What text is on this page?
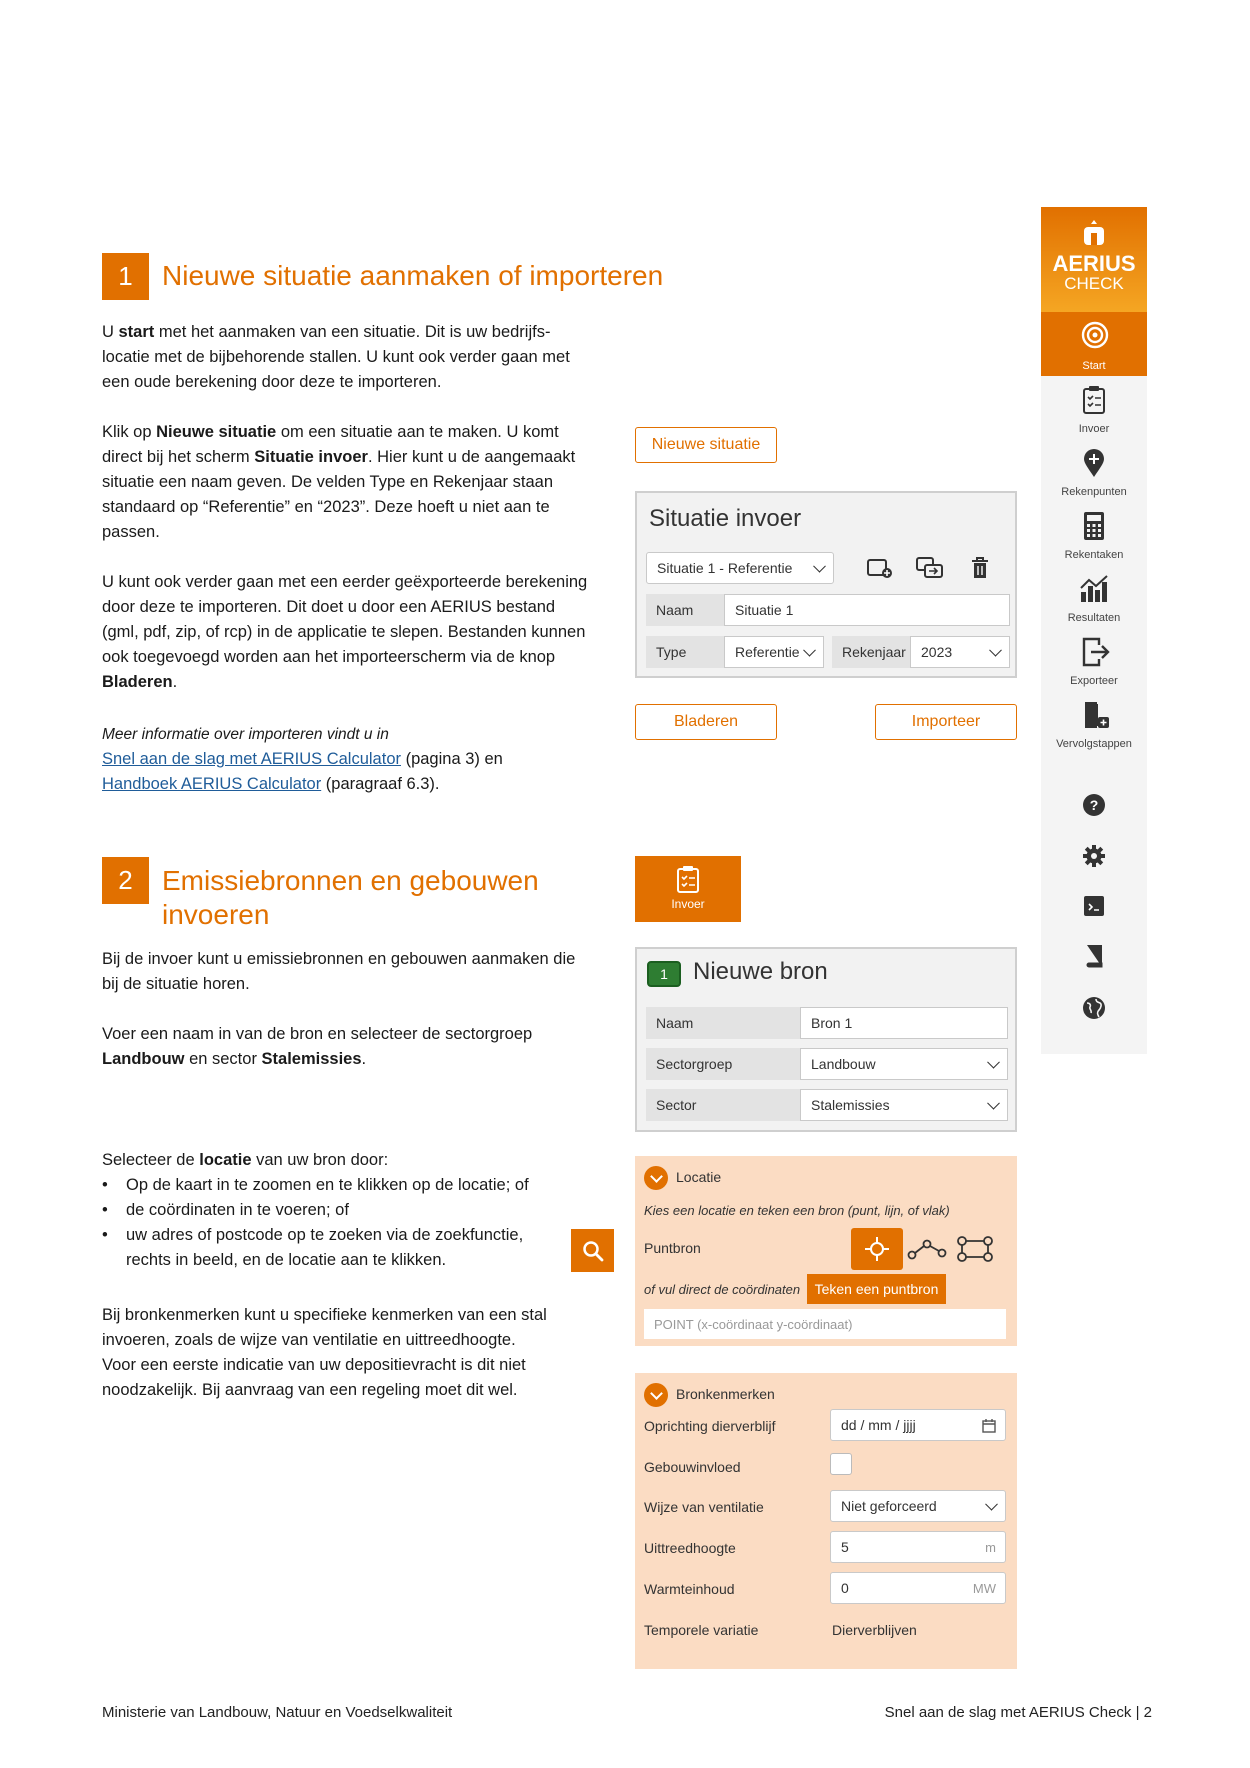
1	Nieuwe situatie aanmaken of importeren
U start met het aanmaken van een situatie. Dit is uw bedrijfs-
locatie met de bijbehorende stallen. U kunt ook verder gaan met
een oude berekening door deze te importeren.
Klik op Nieuwe situatie om een situatie aan te maken. U komt
direct bij het scherm Situatie invoer. Hier kunt u de aangemaakt
situatie een naam geven. De velden Type en Rekenjaar staan
standaard op “Referentie” en “2023”. Deze hoeft u niet aan te
passen.
U kunt ook verder gaan met een eerder geëxporteerde berekening
door deze te importeren. Dit doet u door een AERIUS bestand
(gml, pdf, zip, of rcp) in de applicatie te slepen. Bestanden kunnen
ook toegevoegd worden aan het importeerscherm via de knop
Bladeren.
Meer informatie over importeren vindt u in
Snel aan de slag met AERIUS Calculator (pagina 3) en
Handboek AERIUS Calculator (paragraaf 6.3).
Nieuwe situatie
Situatie invoer
Situatie 1 - Referentie
Naam	Situatie 1
Type	Referentie	Rekenjaar	2023
Bladeren	Importeer
2	Emissiebronnen en gebouwen
invoeren
Bij de invoer kunt u emissiebronnen en gebouwen aanmaken die
bij de situatie horen.
Voer een naam in van de bron en selecteer de sectorgroep
Landbouw en sector Stalemissies.
Selecteer de locatie van uw bron door:
• Op de kaart in te zoomen en te klikken op de locatie; of
• de coördinaten in te voeren; of
• uw adres of postcode op te zoeken via de zoekfunctie,
rechts in beeld, en de locatie aan te klikken.
Bij bronkenmerken kunt u specifieke kenmerken van een stal
invoeren, zoals de wijze van ventilatie en uittreedhoogte.
Voor een eerste indicatie van uw depositievracht is dit niet
noodzakelijk. Bij aanvraag van een regeling moet dit wel.
Invoer
1	Nieuwe bron
Naam	Bron 1
Sectorgroep	Landbouw
Sector	Stalemissies
Locatie
Kies een locatie en teken een bron (punt, lijn, of vlak)
Puntbron
of vul direct de coördinaten	Teken een puntbron
POINT (x-coördinaat y-coördinaat)
Bronkenmerken
Oprichting dierverblijf	dd / mm / jjjj
Gebouwinvloed
Wijze van ventilatie	Niet geforceerd
Uittreedhoogte	5	m
Warmteinhoud	0	MW
Temporele variatie	Dierverblijven
AERIUS
CHECK
Start
Invoer
Rekenpunten
Rekentaken
Resultaten
Exporteer
Vervolgstappen
?
Ministerie van Landbouw, Natuur en Voedselkwaliteit	Snel aan de slag met AERIUS Check | 2
